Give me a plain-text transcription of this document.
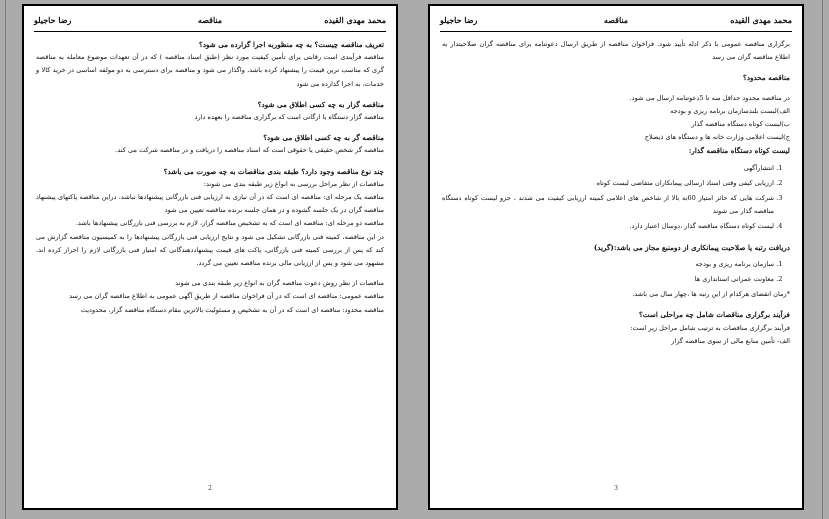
محمد مهدی القیده
مناقصه
رضا حاجیلو

تعریف مناقصه چیست؟ به چه منظوربه اجرا گزارده می شود؟

مناقصه فرآیندی است رقابتی برای تأمین کیفیت مورد نظر (طبق اسناد مناقصه ) که در آن تعهدات موضوع معامله به مناقصه گری که مناسب ترین قیمت را پیشنهاد کرده باشد، واگذار می شود و مناقصه برای دسترسی به دو مولفه اساسی در خرید کالا و خدمات، به اجرا گذارده می شود

مناقصه گزار به چه کسی اطلاق می شود؟

مناقصه گزار دستگاه یا ارگانی است که برگزاری مناقصه را بعهده دارد

مناقصه گر به چه کسی اطلاق می شود؟

مناقصه گر شخص حقیقی یا حقوقی است که اسناد مناقصه را دریافت و در مناقصه شرکت می کند.

چند نوع مناقصه وجود دارد؟ طبقه بندی مناقصات به چه صورت می باشد؟

مناقصات از نظر مراحل بررسی به انواع زیر طبقه بندی می شوند:

مناقصه یک مرحله ای: مناقصه ای است که در آن نیازی به ارزیابی فنی بازرگانی پیشنهادها نباشد، دراین مناقصه پاکتهای پیشنهاد مناقصه گران در یک جلسه گشوده و در همان جلسه برنده مناقصه تعیین می شود

مناقصه دو مرحله ای: مناقصه ای است که به تشخیص مناقصه گزار، لازم به بررسی فنی بازرگانی پیشنهادها باشد.

در این مناقصه، کمیته فنی بازرگانی تشکیل می شود و نتایج ارزیابی فنی بازرگانی پیشنهادها را به کمیسیون مناقصه گزارش می کند که پس از بررسی کمیته فنی بازرگانی، پاکت های قیمت پیشنهاددهندگانی که امتیاز فنی بازرگانی لازم را احراز کرده اند، مشهود می شود و پس از ارزیابی مالی برنده مناقصه تعیین می گردد.

مناقصات از نظر روش دعوت مناقصه گران به انواع زیر طبقه بندی می شوند

مناقصه عمومی: مناقصه ای است که در آن فراخوان مناقصه از طریق آگهی عمومی به اطلاع مناقصه گران می رسد

مناقصه محدود: مناقصه ای است که در آن به تشخیص و مسئولیت بالاترین مقام دستگاه مناقصه گزار، محدودیت

2
محمد مهدی القیده
مناقصه
رضا حاجیلو

برگزاری مناقصه عمومی با ذکر ادله تأیید شود. فراخوان مناقصه از طریق ارسال دعوتنامه برای مناقصه گران صلاحیتدار به اطلاع مناقصه گران می رسد

مناقصه محدود؟

در مناقصه محدود حداقل سه تا 5دعوتنامه ارسال می شود.

الف)لیست بلندسازمان برنامه ریزی و بودجه

ب)لیست کوتاه دستگاه مناقصه گذار

ج)لیست اعلامی وزارت خانه ها و دستگاه های ذیصلاح

لیست کوتاه دستگاه مناقصه گذار:

1. انتشارآگهی
2. ارزیابی کیفی وقتی اسناد ارسالی پیمانکاران متقاضی لیست کوتاه
3. شرکت هایی که حائز امتیاز 60به بالا از شاخص های اعلامی کمیته ارزیابی کیفیت می شدند ، جزو لیست کوتاه دستگاه مناقصه گذار می شوند
4. لیست کوتاه دستگاه مناقصه گذار ،دوسال اعتبار دارد.

دریافت رتبه یا صلاحیت پیمانکاری از دومنبع مجاز می باشد:(گرید)

1. سازمان برنامه ریزی و بودجه
2. معاونت عمرانی استانداری ها

*زمان انقضای هرکدام از این رتبه ها ،چهار سال می باشد.

فرآیند برگزاری مناقصات شامل چه مراحلی است؟

فرآیند برگزاری مناقصات به ترتیب شامل مراحل زیر است:

الف- تأمین منابع مالی از سوی مناقصه گزار

3
